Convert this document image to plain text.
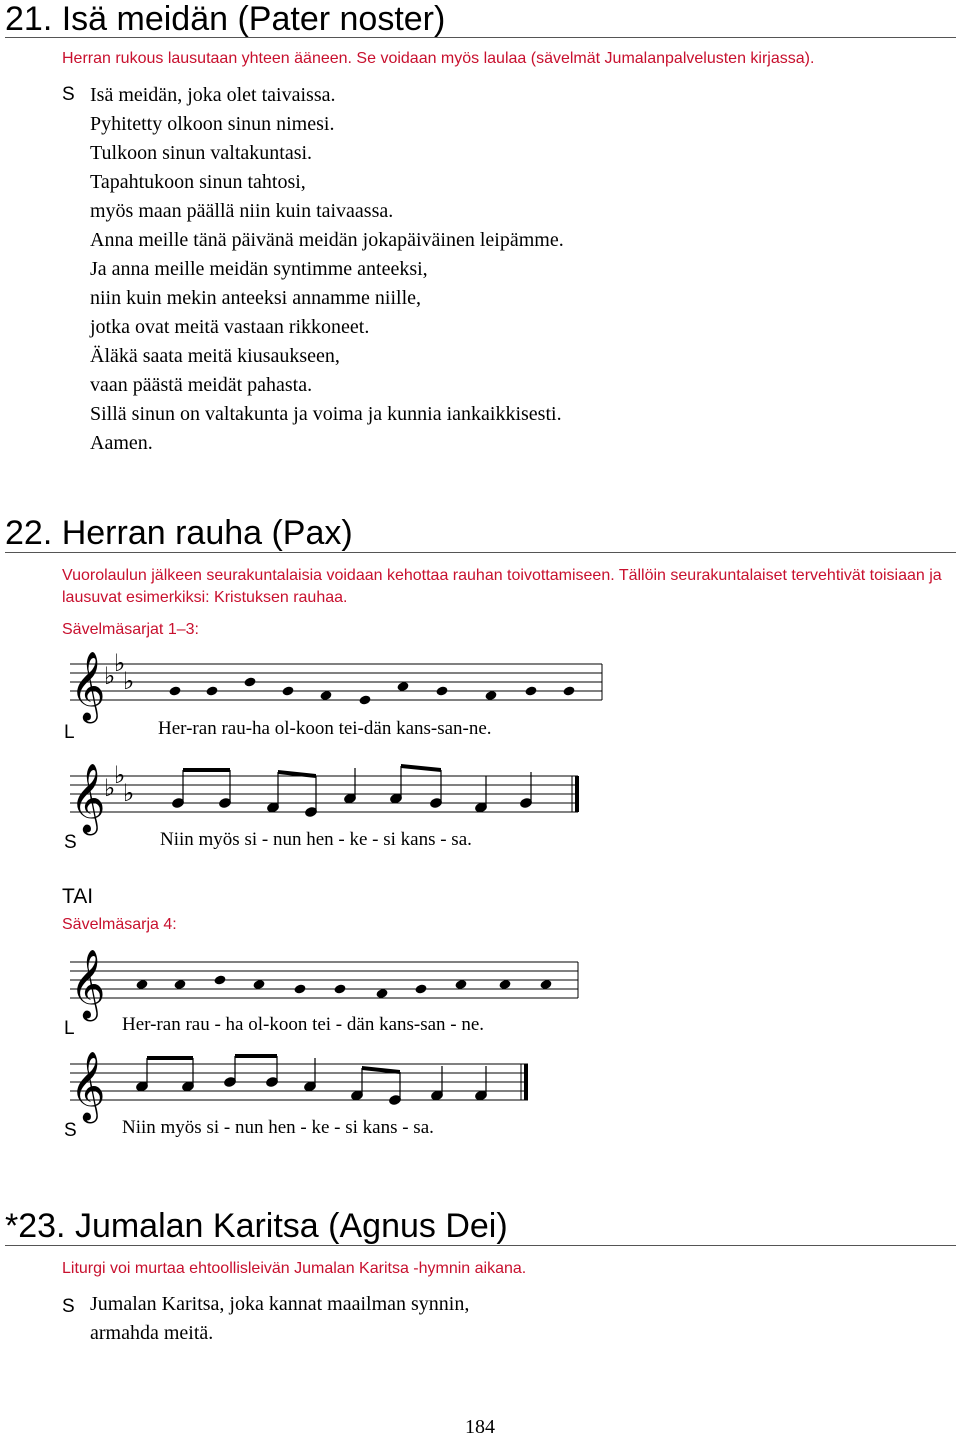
21. Isä meidän (Pater noster)
Herran rukous lausutaan yhteen ääneen. Se voidaan myös laulaa (sävelmät Jumalanpalvelusten kirjassa).
S Isä meidän, joka olet taivaissa.
Pyhitetty olkoon sinun nimesi.
Tulkoon sinun valtakuntasi.
Tapahtukoon sinun tahtosi,
myös maan päällä niin kuin taivaassa.
Anna meille tänä päivänä meidän jokapäiväinen leipämme.
Ja anna meille meidän syntimme anteeksi,
niin kuin mekin anteeksi annamme niille,
jotka ovat meitä vastaan rikkoneet.
Äläkä saata meitä kiusaukseen,
vaan päästä meidät pahasta.
Sillä sinun on valtakunta ja voima ja kunnia iankaikkisesti.
Aamen.
22. Herran rauha (Pax)
Vuorolaulun jälkeen seurakuntalaisia voidaan kehottaa rauhan toivottamiseen. Tällöin seurakuntalaiset tervehtivät toisiaan ja lausuvat esimerkiksi: Kristuksen rauhaa.
Sävelmäsarjat 1–3:
𝄞
♭
♭
♭
L	Her-ran rau-ha ol-koon tei-dän kans-san-ne.
𝄞
♭
♭
♭
S	Niin myös si - nun hen - ke - si kans - sa.
TAI
Sävelmäsarja 4:
𝄞
L Her-ran rau - ha ol-koon tei - dän kans-san - ne.
𝄞
S Niin myös si - nun hen - ke - si kans - sa.
*23. Jumalan Karitsa (Agnus Dei)
Liturgi voi murtaa ehtoollisleivän Jumalan Karitsa -hymnin aikana.
S Jumalan Karitsa, joka kannat maailman synnin,
armahda meitä.
184
